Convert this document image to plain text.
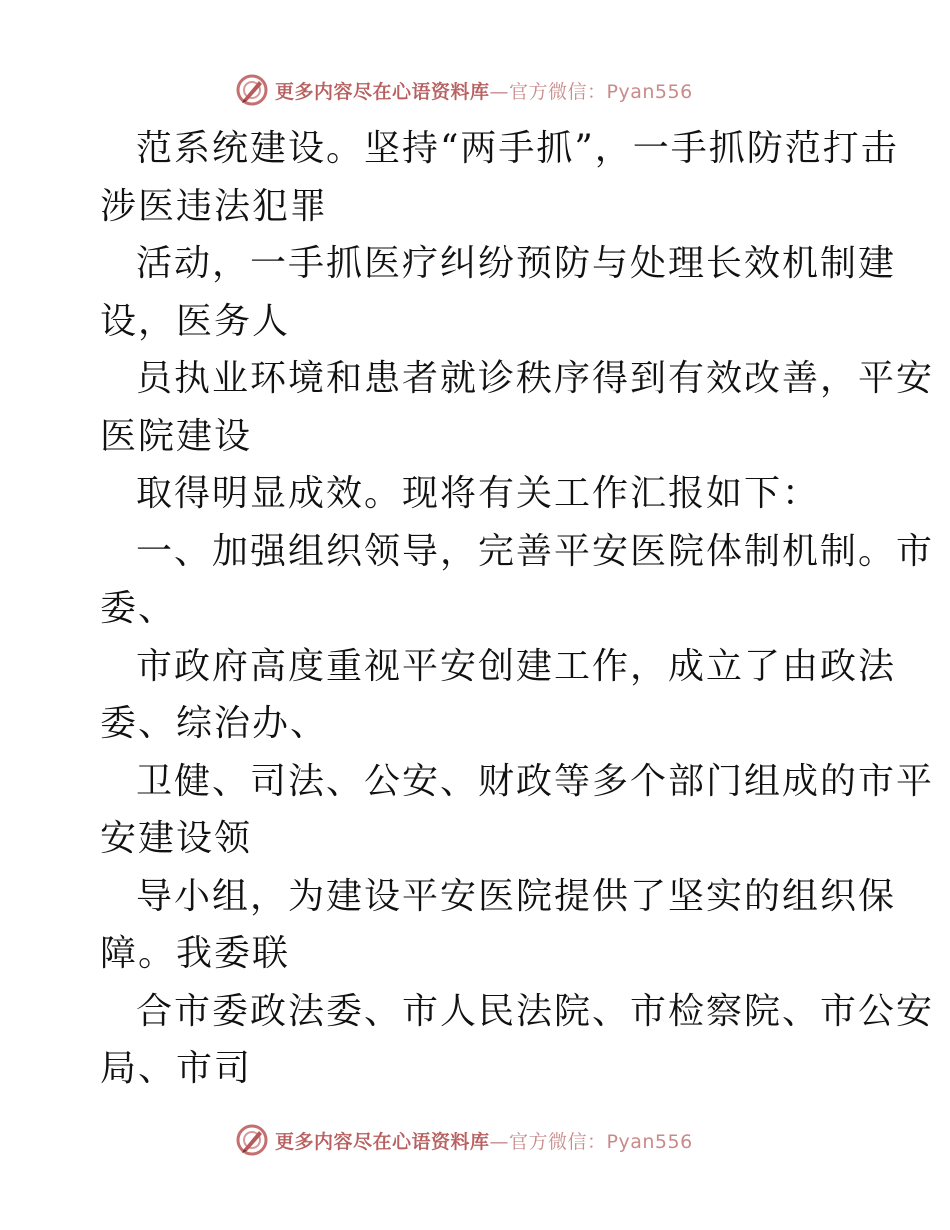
更多内容尽在心语资料库—官方微信：Pyan556
范系统建设。坚持“两手抓”，一手抓防范打击
涉医违法犯罪
活动，一手抓医疗纠纷预防与处理长效机制建
设，医务人
员执业环境和患者就诊秩序得到有效改善，平安
医院建设
取得明显成效。现将有关工作汇报如下：
一、加强组织领导，完善平安医院体制机制。市
委、
市政府高度重视平安创建工作，成立了由政法
委、综治办、
卫健、司法、公安、财政等多个部门组成的市平
安建设领
导小组，为建设平安医院提供了坚实的组织保
障。我委联
合市委政法委、市人民法院、市检察院、市公安
局、市司
更多内容尽在心语资料库—官方微信：Pyan556
